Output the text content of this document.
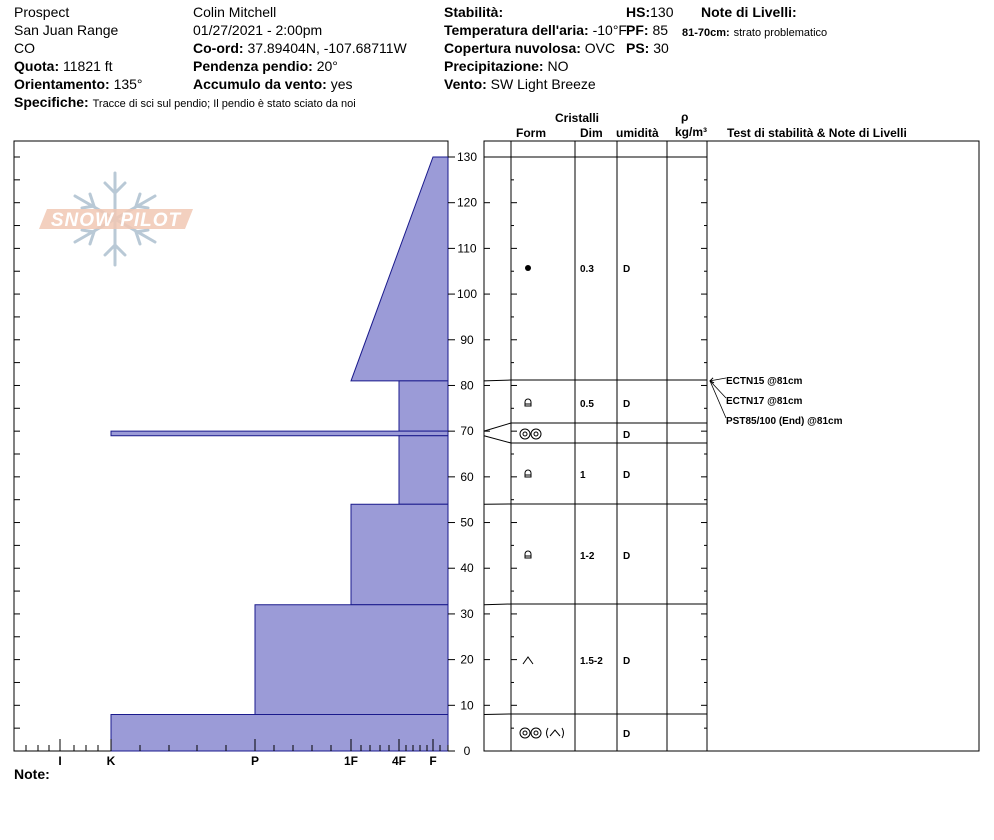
Prospect
San Juan Range
CO
Quota: 11821 ft
Orientamento: 135°
Specifiche: Tracce di sci sul pendio; Il pendio è stato sciato da noi
Colin Mitchell
01/27/2021 - 2:00pm
Co-ord: 37.89404N, -107.68711W
Pendenza pendio: 20°
Accumulo da vento: yes
Stabilità:
Temperatura dell'aria: -10°F
Copertura nuvolosa: OVC
Precipitazione: NO
Vento: SW Light Breeze
HS:130
PF: 85
PS: 30
Note di Livelli:
81-70cm: strato problematico
Cristalli
Form	Dim umidità
ρ
kg/m³ Test di stabilità & Note di Livelli
Note:
SNOW PILOT
I	K	P	1F	4F F
0
10
20
30
40
50
60
70
80
90
100
110
120
130
0.3	D
0.5	D
D
1	D
1-2	D
1.5-2 D
D
ECTN15 @81cm
ECTN17 @81cm
PST85/100 (End) @81cm
